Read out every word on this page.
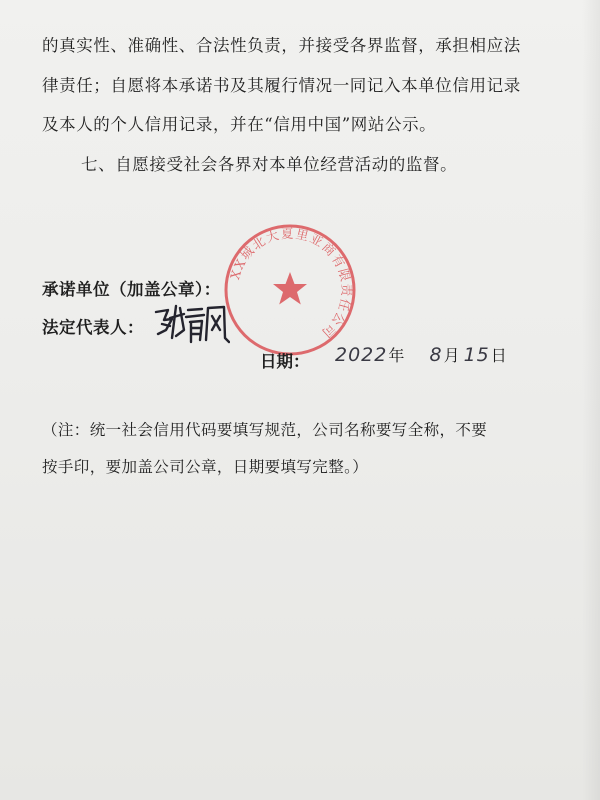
的真实性、准确性、合法性负责，并接受各界监督，承担相应法
律责任；自愿将本承诺书及其履行情况一同记入本单位信用记录
及本人的个人信用记录，并在“信用中国”网站公示。
七、自愿接受社会各界对本单位经营活动的监督。
XX城北大夏里亚商有限责任公司
承诺单位（加盖公章）：
法定代表人：
日期： 2022年 8月 15日
（注：统一社会信用代码要填写规范，公司名称要写全称，不要
按手印，要加盖公司公章，日期要填写完整。）
